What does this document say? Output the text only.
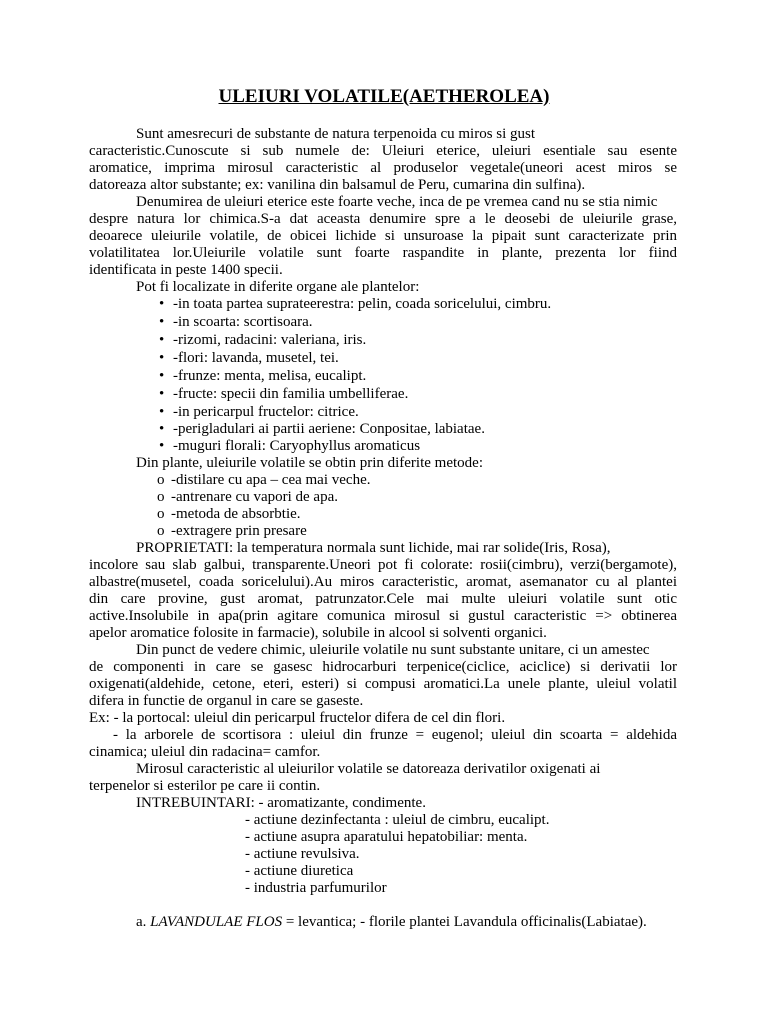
ULEIURI VOLATILE(AETHEROLEA)
Sunt amesrecuri de substante de natura terpenoida cu miros si gust
caracteristic.Cunoscute si sub numele de: Uleiuri eterice, uleiuri esentiale sau esente
aromatice, imprima mirosul caracteristic al produselor vegetale(uneori acest miros se
datoreaza altor substante; ex: vanilina din balsamul de Peru, cumarina din sulfina).
Denumirea de uleiuri eterice este foarte veche, inca de pe vremea cand nu se stia nimic
despre natura lor chimica.S-a dat aceasta denumire spre a le deosebi de uleiurile grase,
deoarece uleiurile volatile, de obicei lichide si unsuroase la pipait sunt caracterizate prin
volatilitatea lor.Uleiurile volatile sunt foarte raspandite in plante, prezenta lor fiind
identificata in peste 1400 specii.
Pot fi localizate in diferite organe ale plantelor:
• -in toata partea suprateerestra: pelin, coada soricelului, cimbru.
• -in scoarta: scortisoara.
• -rizomi, radacini: valeriana, iris.
• -flori: lavanda, musetel, tei.
• -frunze: menta, melisa, eucalipt.
• -fructe: specii din familia umbelliferae.
• -in pericarpul fructelor: citrice.
• -perigladulari ai partii aeriene: Conpositae, labiatae.
• -muguri florali: Caryophyllus aromaticus
Din plante, uleiurile volatile se obtin prin diferite metode:
o -distilare cu apa – cea mai veche.
o -antrenare cu vapori de apa.
o -metoda de absorbtie.
o -extragere prin presare
PROPRIETATI: la temperatura normala sunt lichide, mai rar solide(Iris, Rosa),
incolore sau slab galbui, transparente.Uneori pot fi colorate: rosii(cimbru), verzi(bergamote),
albastre(musetel, coada soricelului).Au miros caracteristic, aromat, asemanator cu al plantei
din care provine, gust aromat, patrunzator.Cele mai multe uleiuri volatile sunt otic
active.Insolubile in apa(prin agitare comunica mirosul si gustul caracteristic => obtinerea
apelor aromatice folosite in farmacie), solubile in alcool si solventi organici.
Din punct de vedere chimic, uleiurile volatile nu sunt substante unitare, ci un amestec
de componenti in care se gasesc hidrocarburi terpenice(ciclice, aciclice) si derivatii lor
oxigenati(aldehide, cetone, eteri, esteri) si compusi aromatici.La unele plante, uleiul volatil
difera in functie de organul in care se gaseste.
Ex: - la portocal: uleiul din pericarpul fructelor difera de cel din flori.
- la arborele de scortisora : uleiul din frunze = eugenol; uleiul din scoarta = aldehida
cinamica; uleiul din radacina= camfor.
Mirosul caracteristic al uleiurilor volatile se datoreaza derivatilor oxigenati ai
terpenelor si esterilor pe care ii contin.
INTREBUINTARI: - aromatizante, condimente.
- actiune dezinfectanta : uleiul de cimbru, eucalipt.
- actiune asupra aparatului hepatobiliar: menta.
- actiune revulsiva.
- actiune diuretica
- industria parfumurilor
a. LAVANDULAE FLOS = levantica; - florile plantei Lavandula officinalis(Labiatae).
